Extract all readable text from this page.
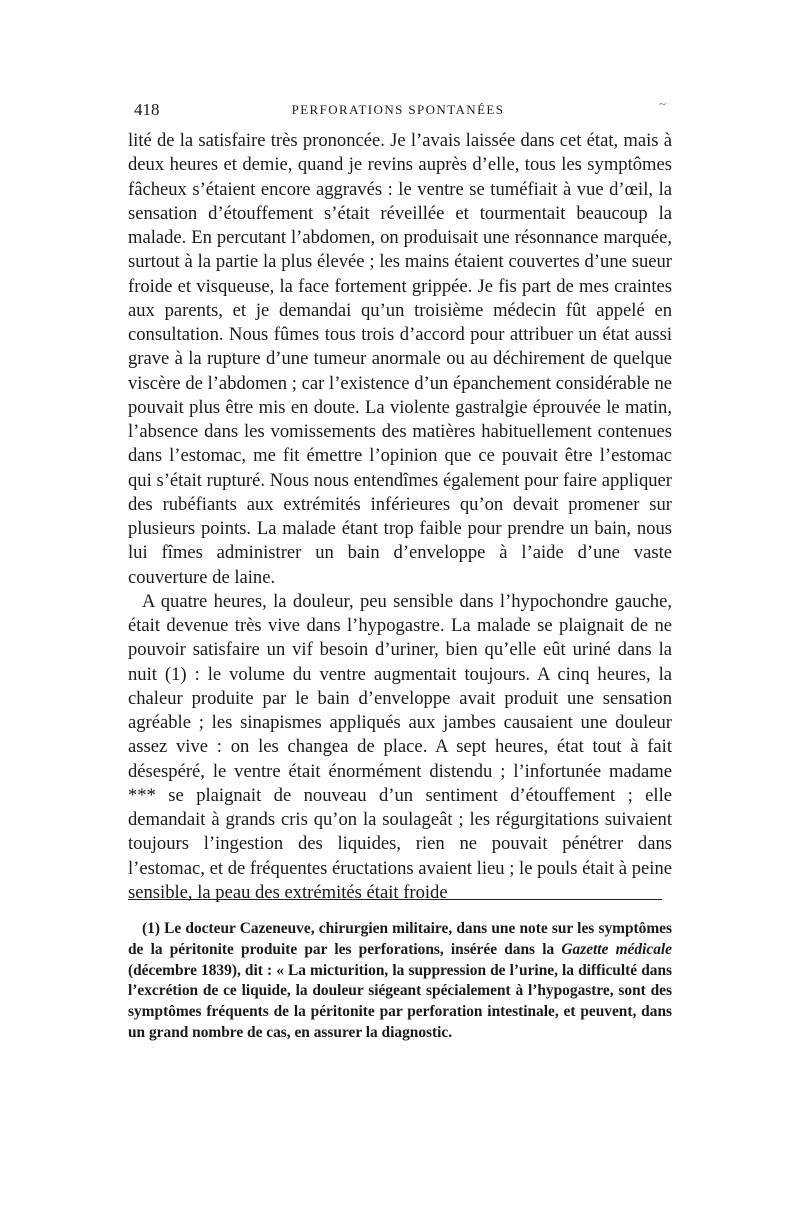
418	PERFORATIONS SPONTANÉES	~

lité de la satisfaire très prononcée. Je l’avais laissée dans cet état, mais à deux heures et demie, quand je revins auprès d’elle, tous les symptômes fâcheux s’étaient encore aggravés : le ventre se tuméfiait à vue d’œil, la sensation d’étouffement s’était réveillée et tourmentait beaucoup la malade. En percutant l’abdomen, on produisait une résonnance marquée, surtout à la partie la plus élevée ; les mains étaient couvertes d’une sueur froide et visqueuse, la face fortement grippée. Je fis part de mes craintes aux parents, et je demandai qu’un troisième médecin fût appelé en consultation. Nous fûmes tous trois d’accord pour attribuer un état aussi grave à la rupture d’une tumeur anormale ou au déchirement de quelque viscère de l’abdomen ; car l’existence d’un épanchement considérable ne pouvait plus être mis en doute. La violente gastralgie éprouvée le matin, l’absence dans les vomissements des matières habituellement contenues dans l’estomac, me fit émettre l’opinion que ce pouvait être l’estomac qui s’était rupturé. Nous nous entendîmes également pour faire appliquer des rubéfiants aux extrémités inférieures qu’on devait promener sur plusieurs points. La malade étant trop faible pour prendre un bain, nous lui fîmes administrer un bain d’enveloppe à l’aide d’une vaste couverture de laine.

A quatre heures, la douleur, peu sensible dans l’hypochondre gauche, était devenue très vive dans l’hypogastre. La malade se plaignait de ne pouvoir satisfaire un vif besoin d’uriner, bien qu’elle eût uriné dans la nuit (1) : le volume du ventre augmentait toujours. A cinq heures, la chaleur produite par le bain d’enveloppe avait produit une sensation agréable ; les sinapismes appliqués aux jambes causaient une douleur assez vive : on les changea de place. A sept heures, état tout à fait désespéré, le ventre était énormément distendu ; l’infortunée madame *** se plaignait de nouveau d’un sentiment d’étouffement ; elle demandait à grands cris qu’on la soulageât ; les régurgitations suivaient toujours l’ingestion des liquides, rien ne pouvait pénétrer dans l’estomac, et de fréquentes éructations avaient lieu ; le pouls était à peine sensible, la peau des extrémités était froide

(1) Le docteur Cazeneuve, chirurgien militaire, dans une note sur les symptômes de la péritonite produite par les perforations, insérée dans la Gazette médicale (décembre 1839), dit : « La micturition, la suppression de l’urine, la difficulté dans l’excrétion de ce liquide, la douleur siégeant spécialement à l’hypogastre, sont des symptômes fréquents de la péritonite par perforation intestinale, et peuvent, dans un grand nombre de cas, en assurer la diagnostic.
